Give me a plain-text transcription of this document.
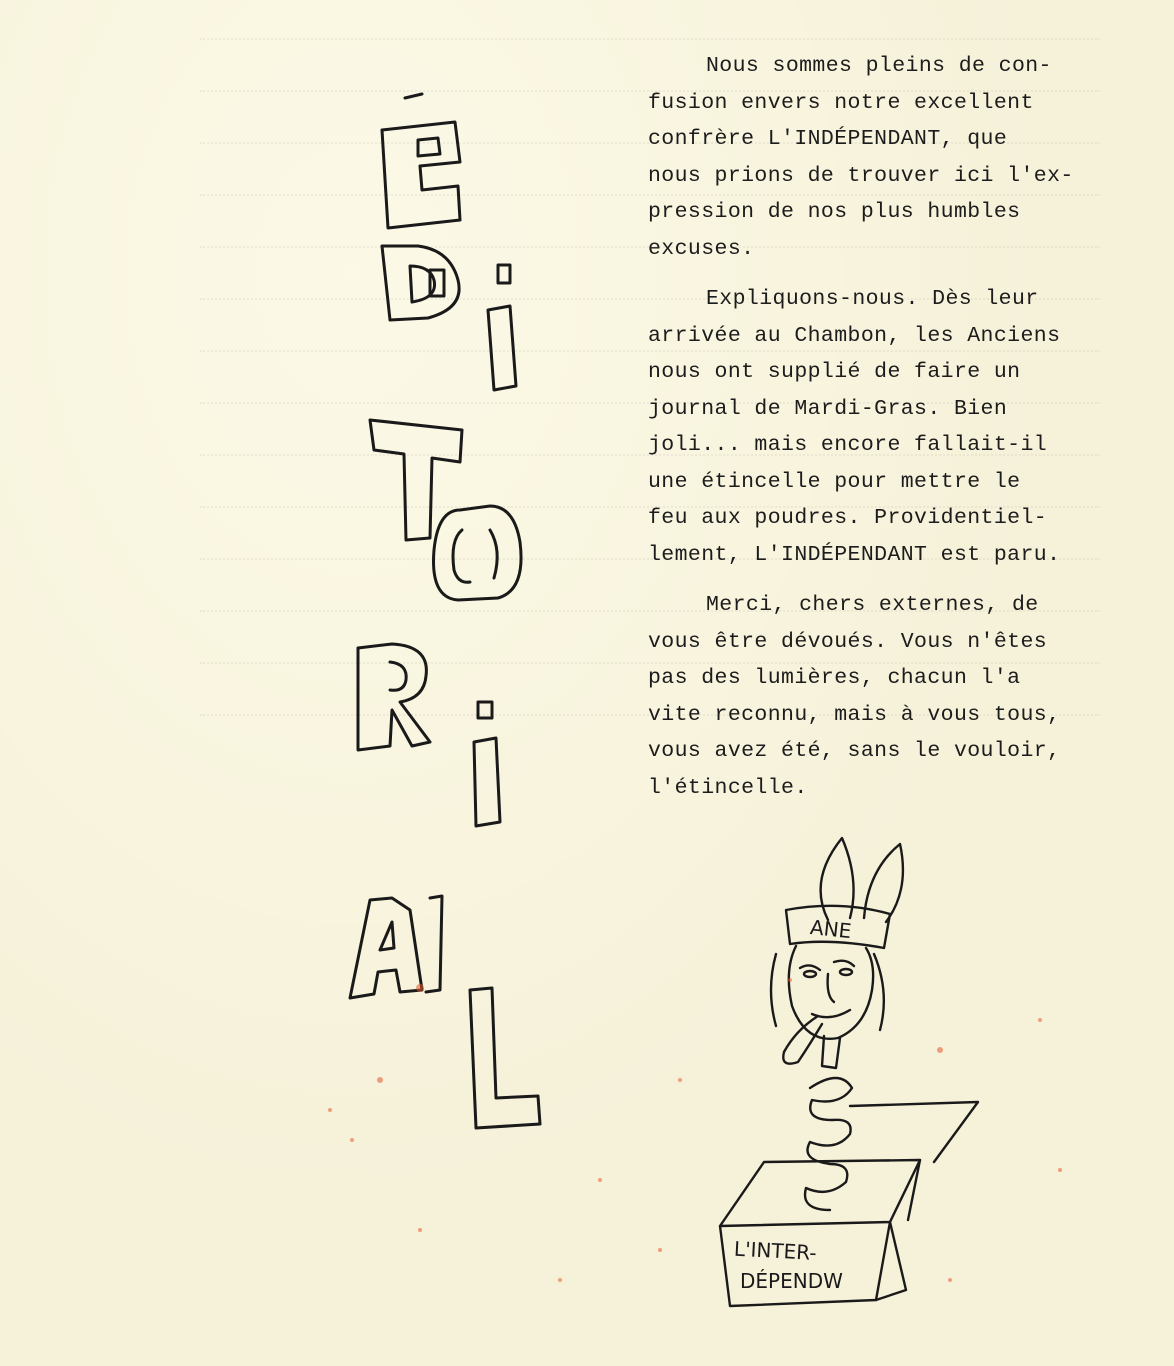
Nous sommes pleins de con-
fusion envers notre excellent
confrère L'INDÉPENDANT, que
nous prions de trouver ici l'ex-
pression de nos plus humbles
excuses.
Expliquons-nous. Dès leur
arrivée au Chambon, les Anciens
nous ont supplié de faire un
journal de Mardi-Gras. Bien
joli... mais encore fallait-il
une étincelle pour mettre le
feu aux poudres. Providentiel-
lement, L'INDÉPENDANT est paru.
Merci, chers externes, de
vous être dévoués. Vous n'êtes
pas des lumières, chacun l'a
vite reconnu, mais à vous tous,
vous avez été, sans le vouloir,
l'étincelle.
ANE
L'INTER-
DÉPENDW
